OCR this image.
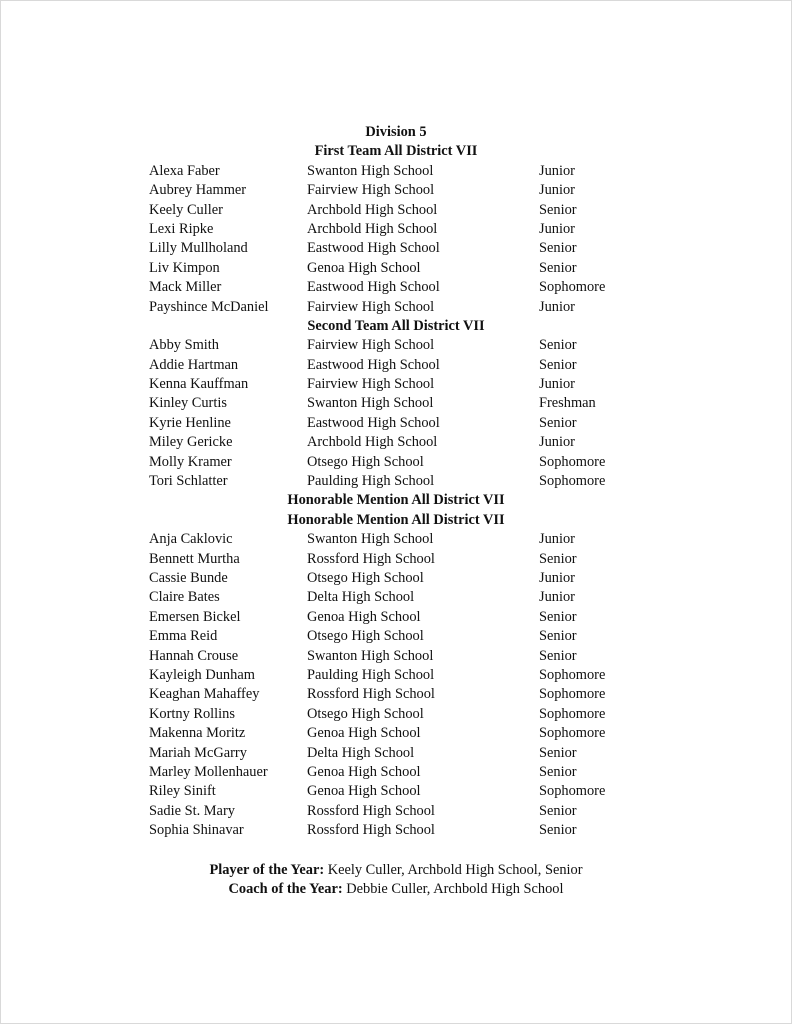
Division 5
First Team All District VII
Alexa Faber	Swanton High School	Junior
Aubrey Hammer	Fairview High School	Junior
Keely Culler	Archbold High School	Senior
Lexi Ripke	Archbold High School	Junior
Lilly Mullholand	Eastwood High School	Senior
Liv Kimpon	Genoa High School	Senior
Mack Miller	Eastwood High School	Sophomore
Payshince McDaniel	Fairview High School	Junior
Second Team All District VII
Abby Smith	Fairview High School	Senior
Addie Hartman	Eastwood High School	Senior
Kenna Kauffman	Fairview High School	Junior
Kinley Curtis	Swanton High School	Freshman
Kyrie Henline	Eastwood High School	Senior
Miley Gericke	Archbold High School	Junior
Molly Kramer	Otsego High School	Sophomore
Tori Schlatter	Paulding High School	Sophomore
Honorable Mention All District VII
Honorable Mention All District VII
Anja Caklovic	Swanton High School	Junior
Bennett Murtha	Rossford High School	Senior
Cassie Bunde	Otsego High School	Junior
Claire Bates	Delta High School	Junior
Emersen Bickel	Genoa High School	Senior
Emma Reid	Otsego High School	Senior
Hannah Crouse	Swanton High School	Senior
Kayleigh Dunham	Paulding High School	Sophomore
Keaghan Mahaffey	Rossford High School	Sophomore
Kortny Rollins	Otsego High School	Sophomore
Makenna Moritz	Genoa High School	Sophomore
Mariah McGarry	Delta High School	Senior
Marley Mollenhauer	Genoa High School	Senior
Riley Sinift	Genoa High School	Sophomore
Sadie St. Mary	Rossford High School	Senior
Sophia Shinavar	Rossford High School	Senior
Player of the Year: Keely Culler, Archbold High School, Senior
Coach of the Year: Debbie Culler, Archbold High School
